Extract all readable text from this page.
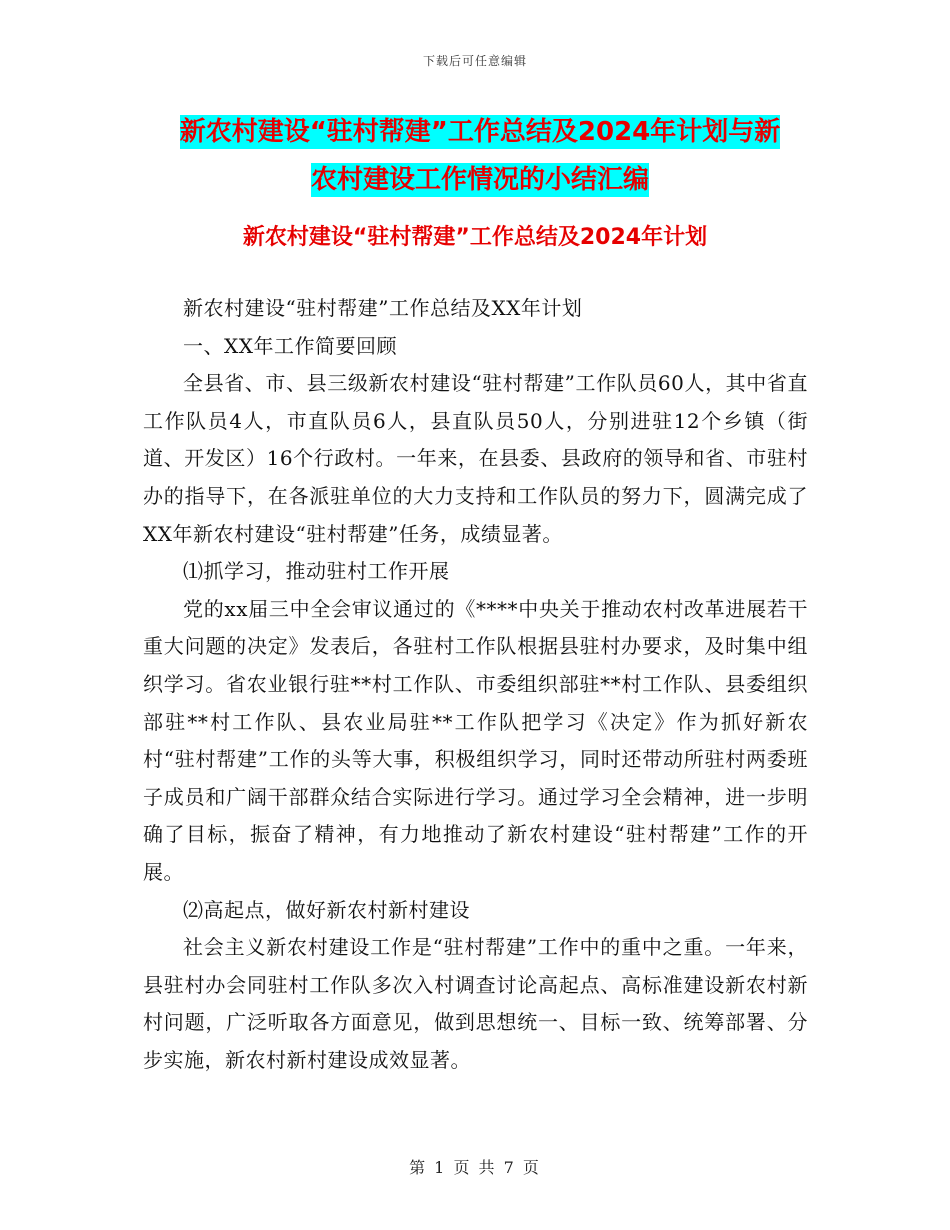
下载后可任意编辑
新农村建设“驻村帮建”工作总结及2024年计划与新
农村建设工作情况的小结汇编
新农村建设“驻村帮建”工作总结及2024年计划

新农村建设“驻村帮建”工作总结及XX年计划

一、XX年工作简要回顾

全县省、市、县三级新农村建设“驻村帮建”工作队员60人，其中省直工作队员4人，市直队员6人，县直队员50人，分别进驻12个乡镇（街道、开发区）16个行政村。一年来，在县委、县政府的领导和省、市驻村办的指导下，在各派驻单位的大力支持和工作队员的努力下，圆满完成了XX年新农村建设“驻村帮建”任务，成绩显著。

⑴抓学习，推动驻村工作开展

党的xx届三中全会审议通过的《****中央关于推动农村改革进展若干重大问题的决定》发表后，各驻村工作队根据县驻村办要求，及时集中组织学习。省农业银行驻**村工作队、市委组织部驻**村工作队、县委组织部驻**村工作队、县农业局驻**工作队把学习《决定》作为抓好新农村“驻村帮建”工作的头等大事，积极组织学习，同时还带动所驻村两委班子成员和广阔干部群众结合实际进行学习。通过学习全会精神，进一步明确了目标，振奋了精神，有力地推动了新农村建设“驻村帮建”工作的开展。

⑵高起点，做好新农村新村建设

社会主义新农村建设工作是“驻村帮建”工作中的重中之重。一年来，县驻村办会同驻村工作队多次入村调查讨论高起点、高标准建设新农村新村问题，广泛听取各方面意见，做到思想统一、目标一致、统筹部署、分步实施，新农村新村建设成效显著。

第 1 页 共 7 页
